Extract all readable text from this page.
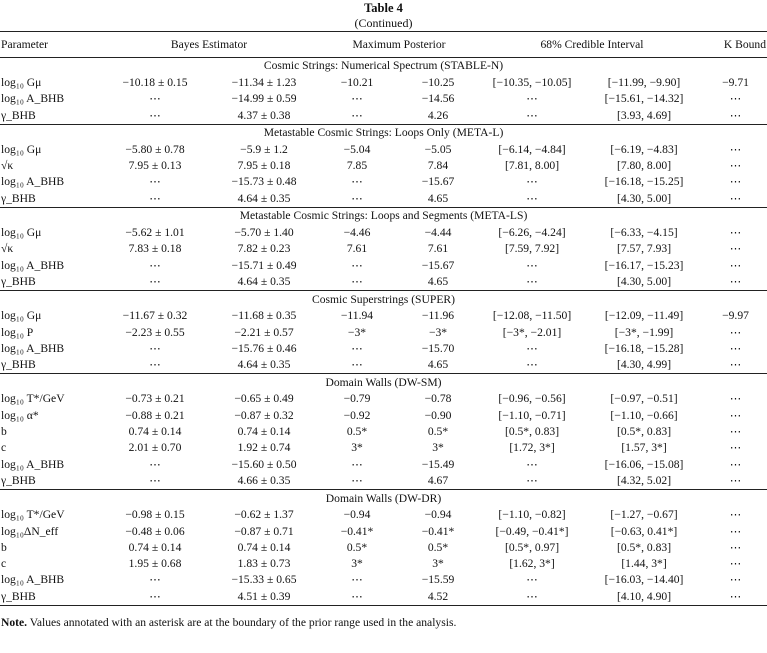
Table 4
(Continued)
Parameter	Bayes Estimator		Maximum Posterior		68% Credible Interval		K Bound
Cosmic Strings: Numerical Spectrum (STABLE-N)							
log₁₀ Gμ	−10.18 ± 0.15	−11.34 ± 1.23	−10.21	−10.25	[−10.35, −10.05]	[−11.99, −9.90]	−9.71
log₁₀ A_BHB	⋯	−14.99 ± 0.59	⋯	−14.56	⋯	[−15.61, −14.32]	⋯
γ_BHB	⋯	4.37 ± 0.38	⋯	4.26	⋯	[3.93, 4.69]	⋯
Metastable Cosmic Strings: Loops Only (META-L)							
log₁₀ Gμ	−5.80 ± 0.78	−5.9 ± 1.2	−5.04	−5.05	[−6.14, −4.84]	[−6.19, −4.83]	⋯
√κ	7.95 ± 0.13	7.95 ± 0.18	7.85	7.84	[7.81, 8.00]	[7.80, 8.00]	⋯
log₁₀ A_BHB	⋯	−15.73 ± 0.48	⋯	−15.67	⋯	[−16.18, −15.25]	⋯
γ_BHB	⋯	4.64 ± 0.35	⋯	4.65	⋯	[4.30, 5.00]	⋯
Metastable Cosmic Strings: Loops and Segments (META-LS)							
log₁₀ Gμ	−5.62 ± 1.01	−5.70 ± 1.40	−4.46	−4.44	[−6.26, −4.24]	[−6.33, −4.15]	⋯
√κ	7.83 ± 0.18	7.82 ± 0.23	7.61	7.61	[7.59, 7.92]	[7.57, 7.93]	⋯
log₁₀ A_BHB	⋯	−15.71 ± 0.49	⋯	−15.67	⋯	[−16.17, −15.23]	⋯
γ_BHB	⋯	4.64 ± 0.35	⋯	4.65	⋯	[4.30, 5.00]	⋯
Cosmic Superstrings (SUPER)							
log₁₀ Gμ	−11.67 ± 0.32	−11.68 ± 0.35	−11.94	−11.96	[−12.08, −11.50]	[−12.09, −11.49]	−9.97
log₁₀ P	−2.23 ± 0.55	−2.21 ± 0.57	−3*	−3*	[−3*, −2.01]	[−3*, −1.99]	⋯
log₁₀ A_BHB	⋯	−15.76 ± 0.46	⋯	−15.70	⋯	[−16.18, −15.28]	⋯
γ_BHB	⋯	4.64 ± 0.35	⋯	4.65	⋯	[4.30, 4.99]	⋯
Domain Walls (DW-SM)							
log₁₀ T*/GeV	−0.73 ± 0.21	−0.65 ± 0.49	−0.79	−0.78	[−0.96, −0.56]	[−0.97, −0.51]	⋯
log₁₀ α*	−0.88 ± 0.21	−0.87 ± 0.32	−0.92	−0.90	[−1.10, −0.71]	[−1.10, −0.66]	⋯
b	0.74 ± 0.14	0.74 ± 0.14	0.5*	0.5*	[0.5*, 0.83]	[0.5*, 0.83]	⋯
c	2.01 ± 0.70	1.92 ± 0.74	3*	3*	[1.72, 3*]	[1.57, 3*]	⋯
log₁₀ A_BHB	⋯	−15.60 ± 0.50	⋯	−15.49	⋯	[−16.06, −15.08]	⋯
γ_BHB	⋯	4.66 ± 0.35	⋯	4.67	⋯	[4.32, 5.02]	⋯
Domain Walls (DW-DR)							
log₁₀ T*/GeV	−0.98 ± 0.15	−0.62 ± 1.37	−0.94	−0.94	[−1.10, −0.82]	[−1.27, −0.67]	⋯
log₁₀ΔN_eff	−0.48 ± 0.06	−0.87 ± 0.71	−0.41*	−0.41*	[−0.49, −0.41*]	[−0.63, 0.41*]	⋯
b	0.74 ± 0.14	0.74 ± 0.14	0.5*	0.5*	[0.5*, 0.97]	[0.5*, 0.83]	⋯
c	1.95 ± 0.68	1.83 ± 0.73	3*	3*	[1.62, 3*]	[1.44, 3*]	⋯
log₁₀ A_BHB	⋯	−15.33 ± 0.65	⋯	−15.59	⋯	[−16.03, −14.40]	⋯
γ_BHB	⋯	4.51 ± 0.39	⋯	4.52	⋯	[4.10, 4.90]	⋯
Note. Values annotated with an asterisk are at the boundary of the prior range used in the analysis.
